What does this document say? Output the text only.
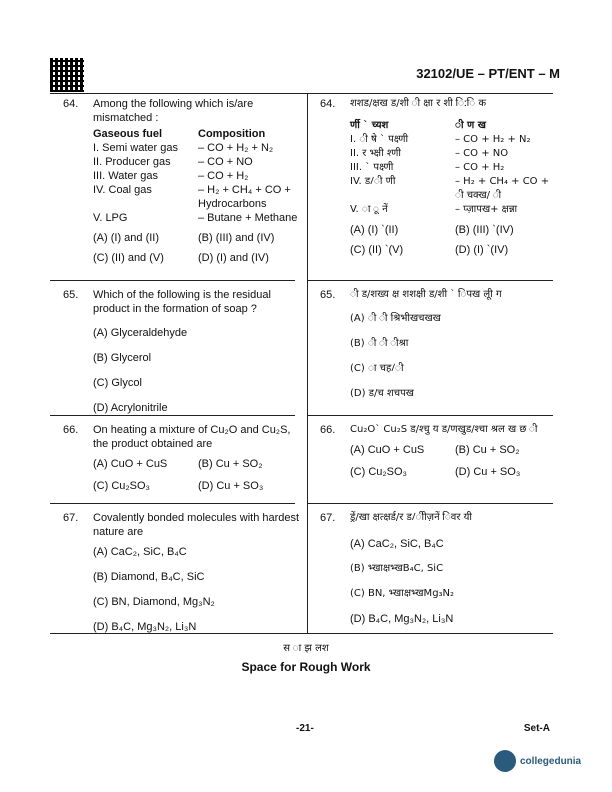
32102/UE – PT/ENT – M
64.	Among the following which is/are mismatched :
Gaseous fuel	Composition
I. Semi water gas	– CO + H₂ + N₂
II. Producer gas	– CO + NO
III. Water gas	– CO + H₂
IV. Coal gas	– H₂ + CH₄ + CO +
Hydrocarbons
V. LPG	– Butane + Methane
(A) (I) and (II)	(B) (III) and (IV)
(C) (II) and (V)	(D) (I) and (IV)
65.	Which of the following is the residual product in the formation of soap ?
(A) Glyceraldehyde
(B) Glycerol
(C) Glycol
(D) Acrylonitrile
66.	On heating a mixture of Cu₂O and Cu₂S, the product obtained are
(A) CuO + CuS	(B) Cu + SO₂
(C) Cu₂SO₃	(D) Cu + SO₃
67.	Covalently bonded molecules with hardest nature are
(A) CaC₂, SiC, B₄C
(B) Diamond, B₄C, SiC
(C) BN, Diamond, Mg₃N₂
(D) B₄C, Mg₃N₂, Li₃N
64.	शशड/क्षख ड/शी ी क्षा र शी ि:ि क
र्णी ` च्यश	ी ण ख
I. ी षे ` पक्ष्णी	– CO + H₂ + N₂
II. र भ्क्षी श्णी	– CO + NO
III. ` पक्ष्णी	– CO + H₂
IV. ड/ी णी	– H₂ + CH₄ + CO +
ी चक्ख/ ी
V. ा ू नें	– प्ज़ापख+ क्षन्ना
(A) (I) `(II)	(B) (III) `(IV)
(C) (II) `(V)	(D) (I) `(IV)
65.	ी ड/शख्य क्ष शशक्षी ड/शी ` िपख लूी ग
(A) ी ी श्रिभीखचखख
(B) ी ी ीश्रा
(C) ा चह/ी
(D) ड/च शचपख
66.	Cu₂O` Cu₂S ड/श्चु य ड/णखुड/श्चा श्रल ख छ ी
(A) CuO + CuS	(B) Cu + SO₂
(C) Cu₂SO₃	(D) Cu + SO₃
67.	ड्रें/खा क्षत्क्षर्ड/र ड/ीीज़नें िवर यी
(A) CaC₂, SiC, B₄C
(B) भ्खाक्षभ्खB₄C, SiC
(C) BN, भ्खाक्षभ्खMg₃N₂
(D) B₄C, Mg₃N₂, Li₃N
स ा झ लश
Space for Rough Work
-21-	Set-A
collegedunia
